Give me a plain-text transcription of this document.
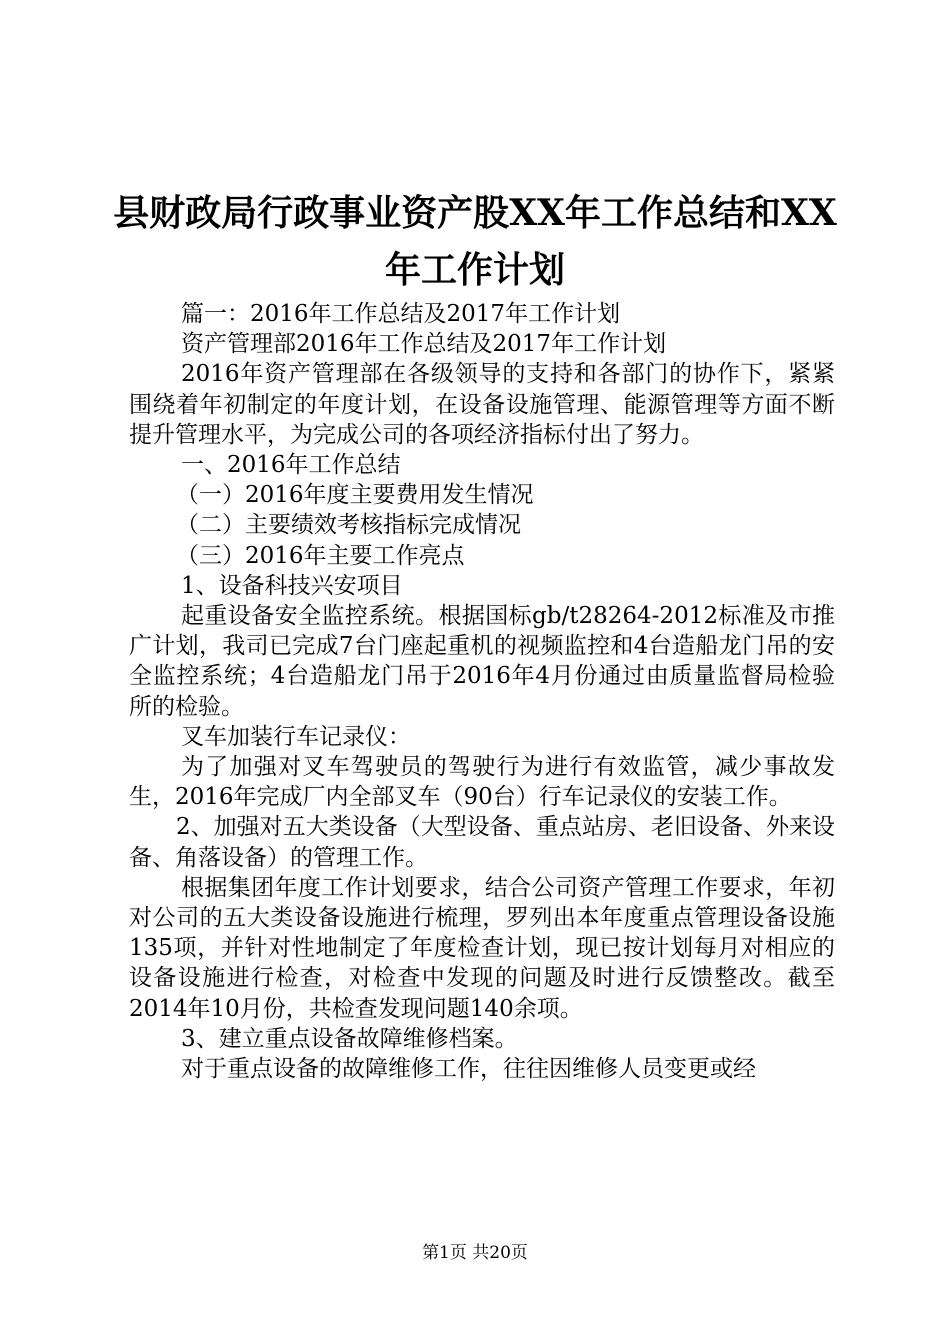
县财政局行政事业资产股XX年工作总结和XX
年工作计划

篇一：2016年工作总结及2017年工作计划

资产管理部2016年工作总结及2017年工作计划

2016年资产管理部在各级领导的支持和各部门的协作下，紧紧围绕着年初制定的年度计划，在设备设施管理、能源管理等方面不断提升管理水平，为完成公司的各项经济指标付出了努力。

一、2016年工作总结

（一）2016年度主要费用发生情况

（二）主要绩效考核指标完成情况

（三）2016年主要工作亮点

1、设备科技兴安项目

起重设备安全监控系统。根据国标gb/t28264-2012标准及市推广计划，我司已完成7台门座起重机的视频监控和4台造船龙门吊的安全监控系统；4台造船龙门吊于2016年4月份通过由质量监督局检验所的检验。

叉车加装行车记录仪：

为了加强对叉车驾驶员的驾驶行为进行有效监管，减少事故发生，2016年完成厂内全部叉车（90台）行车记录仪的安装工作。

2、加强对五大类设备（大型设备、重点站房、老旧设备、外来设备、角落设备）的管理工作。

根据集团年度工作计划要求，结合公司资产管理工作要求，年初对公司的五大类设备设施进行梳理，罗列出本年度重点管理设备设施135项，并针对性地制定了年度检查计划，现已按计划每月对相应的设备设施进行检查，对检查中发现的问题及时进行反馈整改。截至2014年10月份，共检查发现问题140余项。

3、建立重点设备故障维修档案。

对于重点设备的故障维修工作，往往因维修人员变更或经

第1页 共20页
